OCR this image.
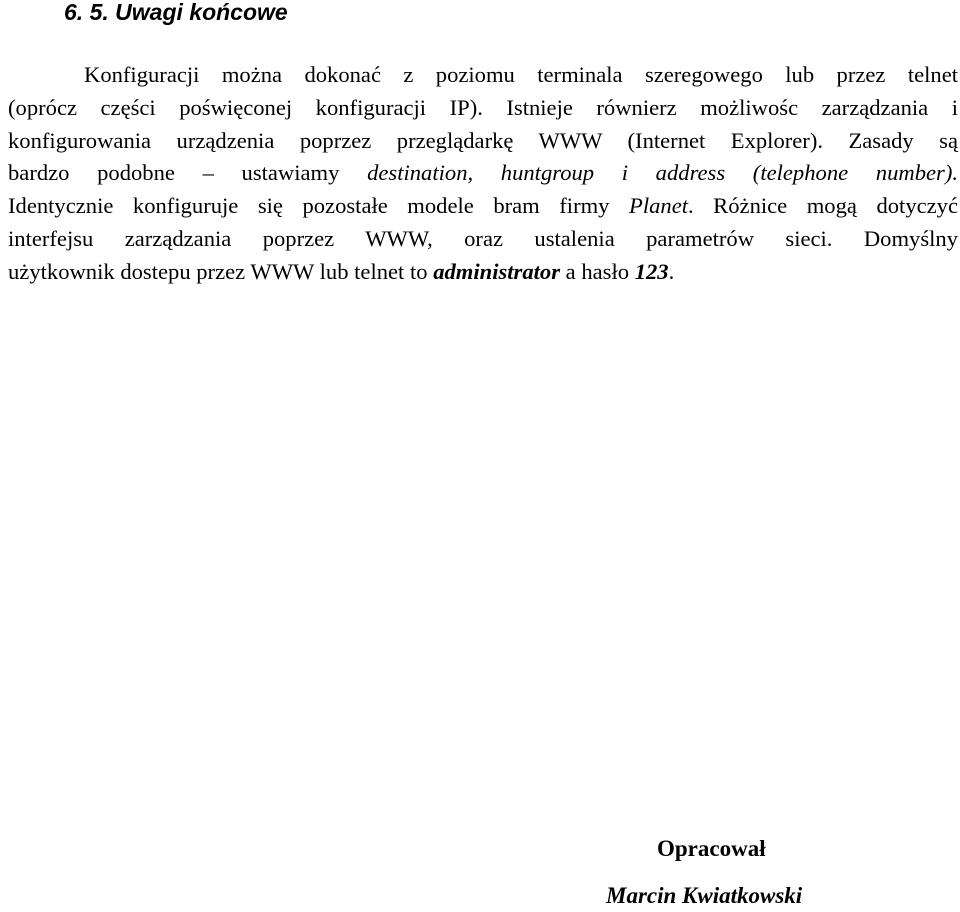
6. 5. Uwagi końcowe

Konfiguracji można dokonać z poziomu terminala szeregowego lub przez telnet
(oprócz części poświęconej konfiguracji IP). Istnieje równierz możliwośc zarządzania i
konfigurowania urządzenia poprzez przeglądarkę WWW (Internet Explorer). Zasady są
bardzo podobne – ustawiamy destination, huntgroup i address (telephone number).
Identycznie konfiguruje się pozostałe modele bram firmy Planet. Różnice mogą dotyczyć
interfejsu zarządzania poprzez WWW, oraz ustalenia parametrów sieci. Domyślny
użytkownik dostepu przez WWW lub telnet to administrator a hasło 123.

Opracował

Marcin Kwiatkowski
